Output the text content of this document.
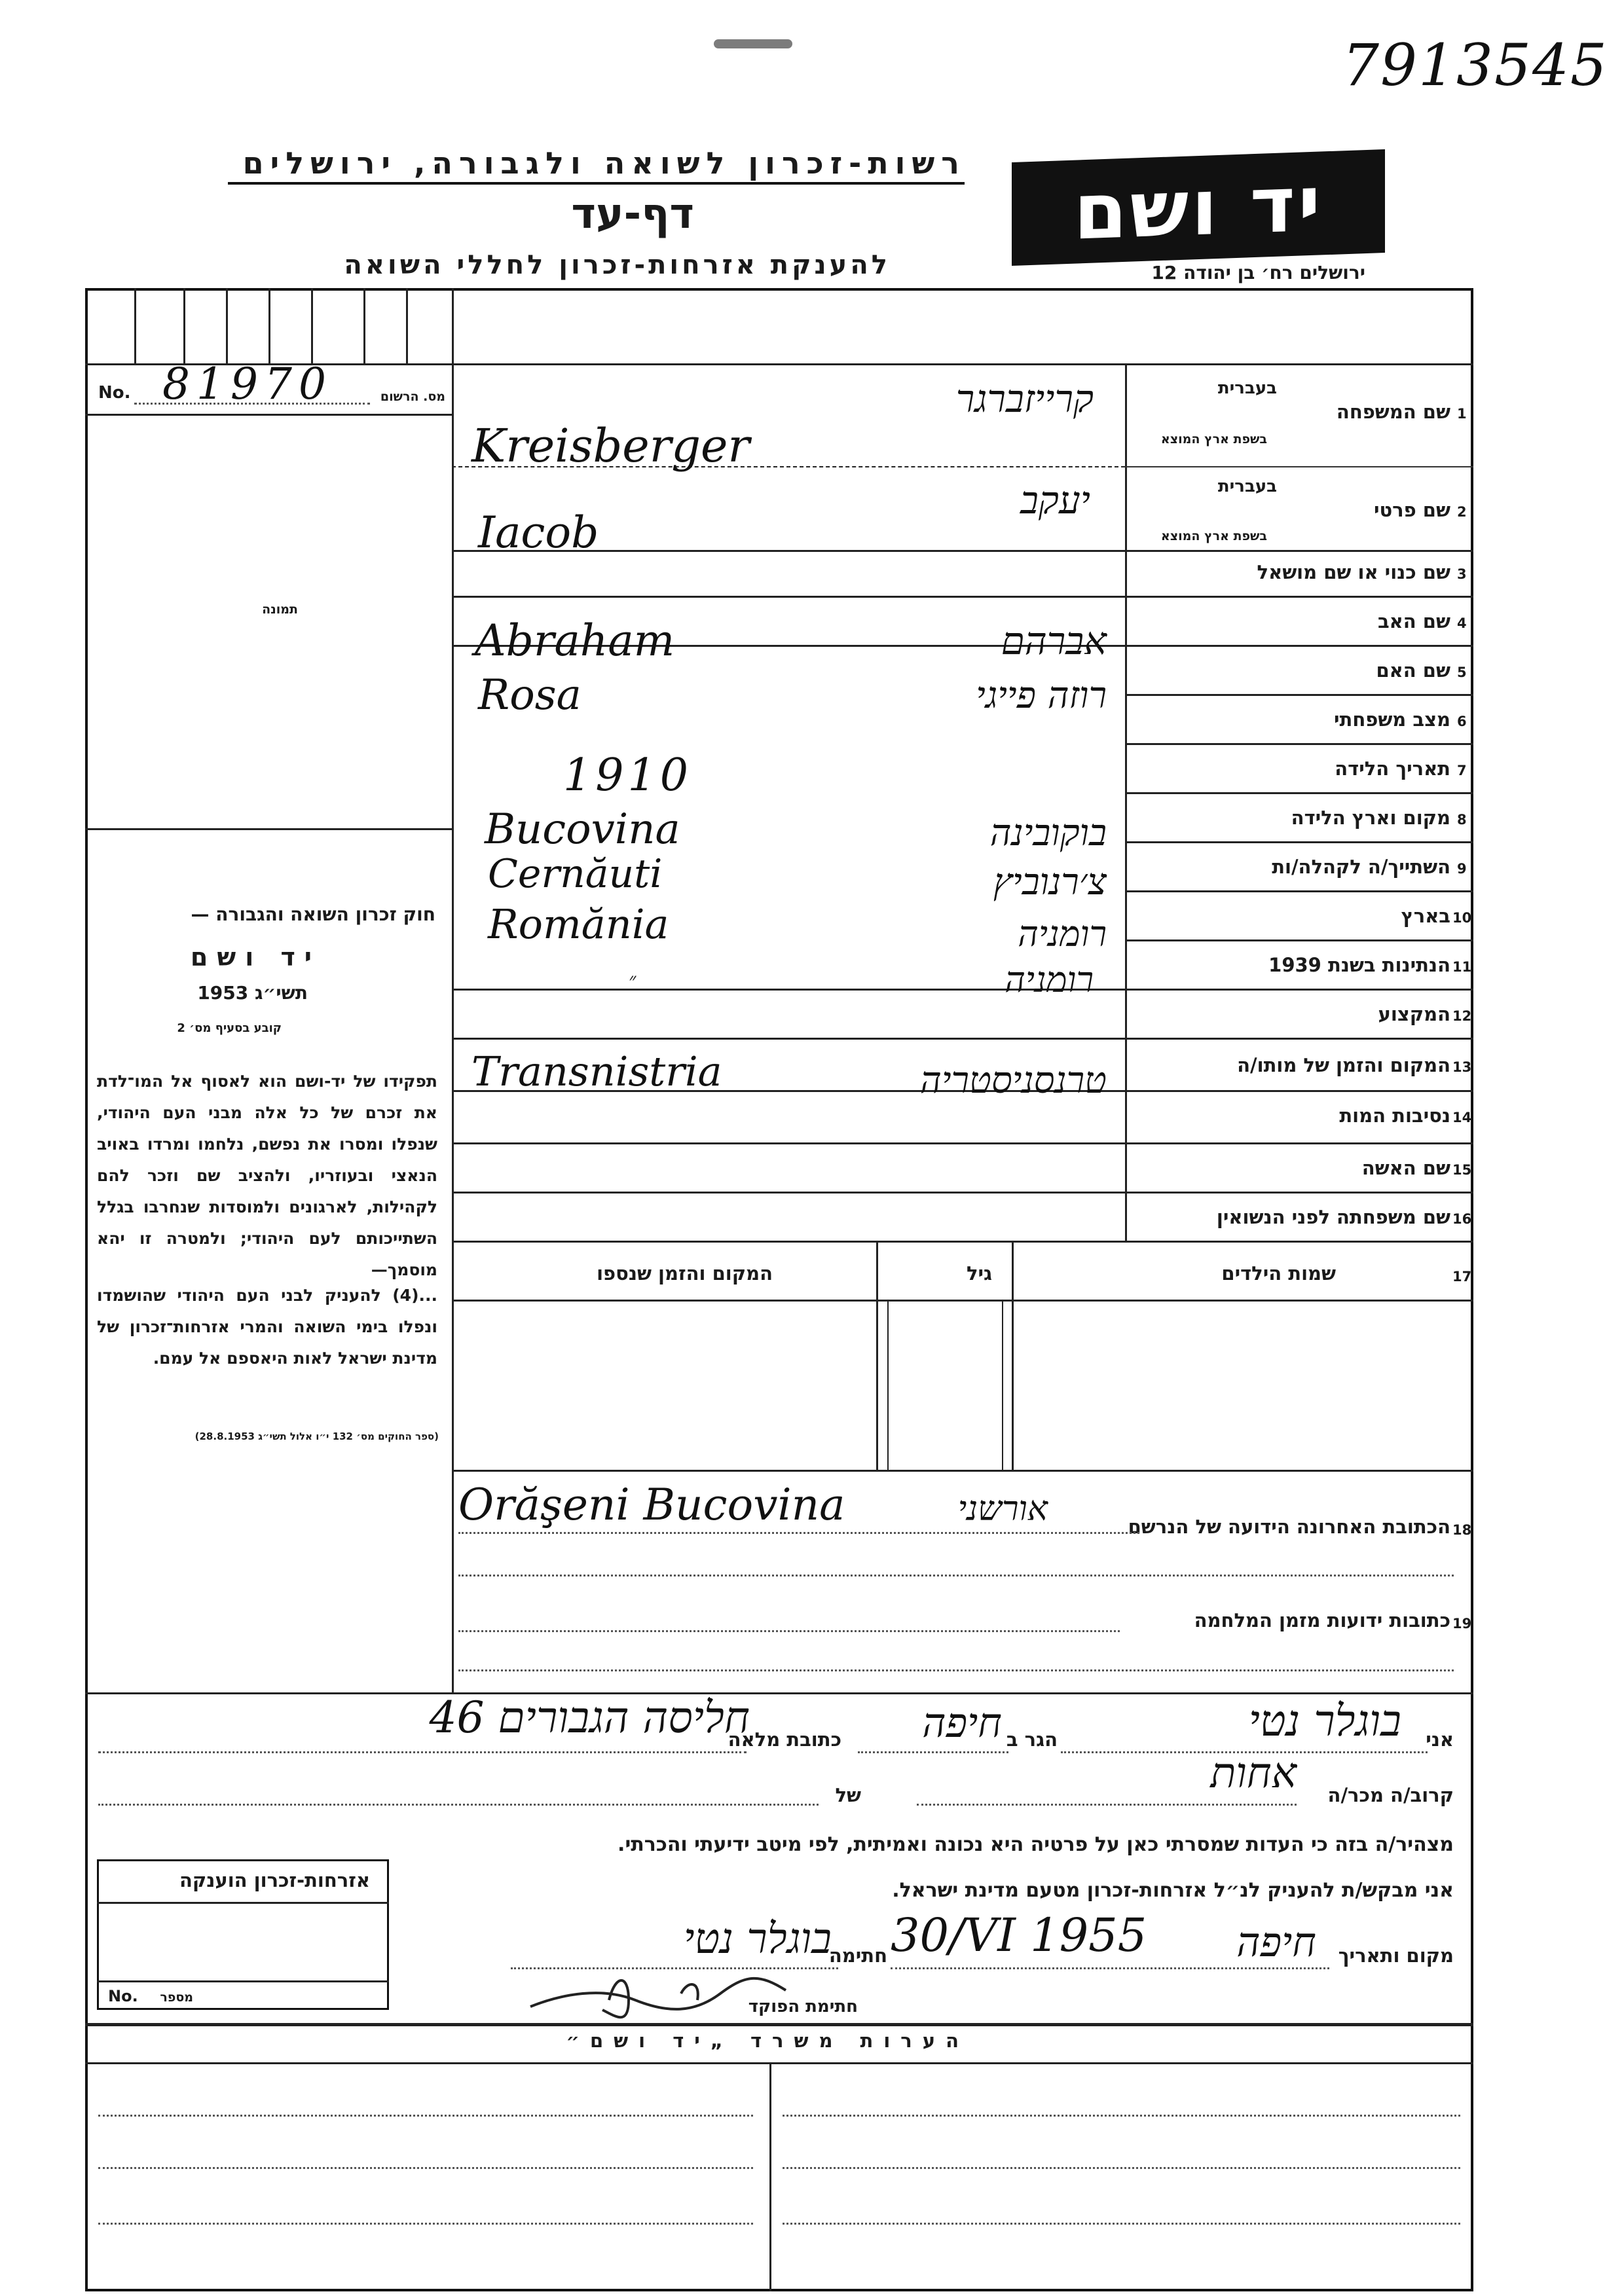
7913545
רשות-זכרון לשואה ולגבורה, ירושלים
דף-עד
להענקת אזרחות-זכרון לחללי השואה
יד ושם
ירושלים רח׳ בן יהודה 12
No. 81970	מס. הרשום
תמונה
חוק זכרון השואה והגבורה —
יד ושם
תשי״ג 1953
קובע בסעיף מס׳ 2
תפקידו של יד-ושם הוא לאסוף אל המו־לדת את זכרם של כל אלה מבני העם היהודי, שנפלו ומסרו את נפשם, נלחמו ומרדו באויב הנאצי ובעוזריו, ולהציב שם וזכר להם לקהילות, לארגונים ולמוסדות שנחרבו בגלל השתייכותם לעם היהודי; ולמטרה זו יהא מוסמך—
...(4) להעניק לבני העם היהודי שהושמדו ונפלו בימי השואה והמרי אזרחות־זכרון של מדינת ישראל לאות היאספם אל עמם.
(ספר החוקים מס׳ 132 י״ו אלול תשי״ג 28.8.1953)
1
שם המשפחה
בעברית
בשפת ארץ המוצא
קרייזברגר
Kreisberger
2
שם פרטי
בעברית
בשפת ארץ המוצא
יעקב
Iacob
3
שם כנוי או שם מושאל
4
שם האב
אברהם
Abraham
5
שם האם
רוזה פייגי
Rosa
6
מצב משפחתי
7
תאריך הלידה
1910
8
מקום וארץ הלידה
בוקובינה
Bucovina
9
השתייך/ה לקהלה/ות
צ׳רנוביץ
Cernăuti
10
בארץ
רומניה
Romănia
11
הנתינות בשנת 1939
רומניה
״
12
המקצוע
13
המקום והזמן של מותו/ה
טרנסניסטריה
Transnistria
14
נסיבות המות
15
שם האשה
16
שם משפחתה לפני הנשואין
17
שמות הילדים
גיל
המקום והזמן שנספו
18
הכתובת האחרונה הידועה של הנרשם
Orăşeni Bucovina	אורשני
19
כתובות ידועות מזמן המלחמה
אני
בוגלר נטי
הגר ב
חיפה
כתובת מלאה
חליסה הגבורים 46
קרוב/ה מכר/ה
אחות
של
מצהיר/ה בזה כי העדות שמסרתי כאן על פרטיה היא נכונה ואמיתית, לפי מיטב ידיעתי והכרתי.
אני מבקש/ת להעניק לנ״ל אזרחות-זכרון מטעם מדינת ישראל.
מקום ותאריך
חיפה
30/VI 1955
חתימה
בוגלר נטי
חתימת הפוקד
אזרחות-זכרון הוענקה
No. מספר
הערות משרד „יד ושם״
